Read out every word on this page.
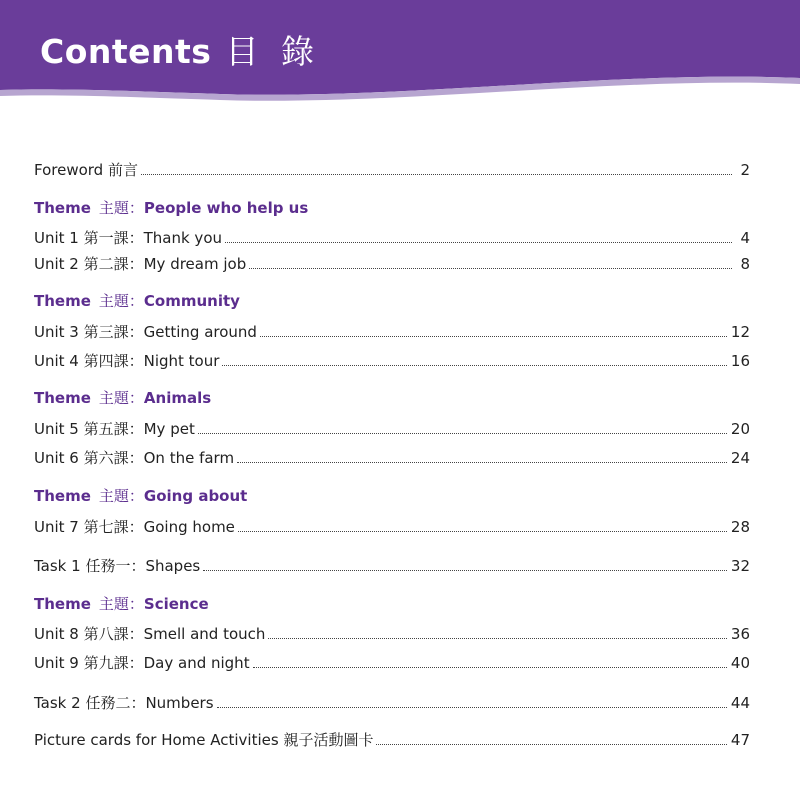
Contents 目 錄
Foreword 前言	2
Theme 主題：People who help us
Unit 1 第一課：Thank you	4
Unit 2 第二課：My dream job	8
Theme 主題：Community
Unit 3 第三課：Getting around	12
Unit 4 第四課：Night tour	16
Theme 主題：Animals
Unit 5 第五課：My pet	20
Unit 6 第六課：On the farm	24
Theme 主題：Going about
Unit 7 第七課：Going home	28
Task 1 任務一：Shapes	32
Theme 主題：Science
Unit 8 第八課：Smell and touch	36
Unit 9 第九課：Day and night	40
Task 2 任務二：Numbers	44
Picture cards for Home Activities 親子活動圖卡	47
